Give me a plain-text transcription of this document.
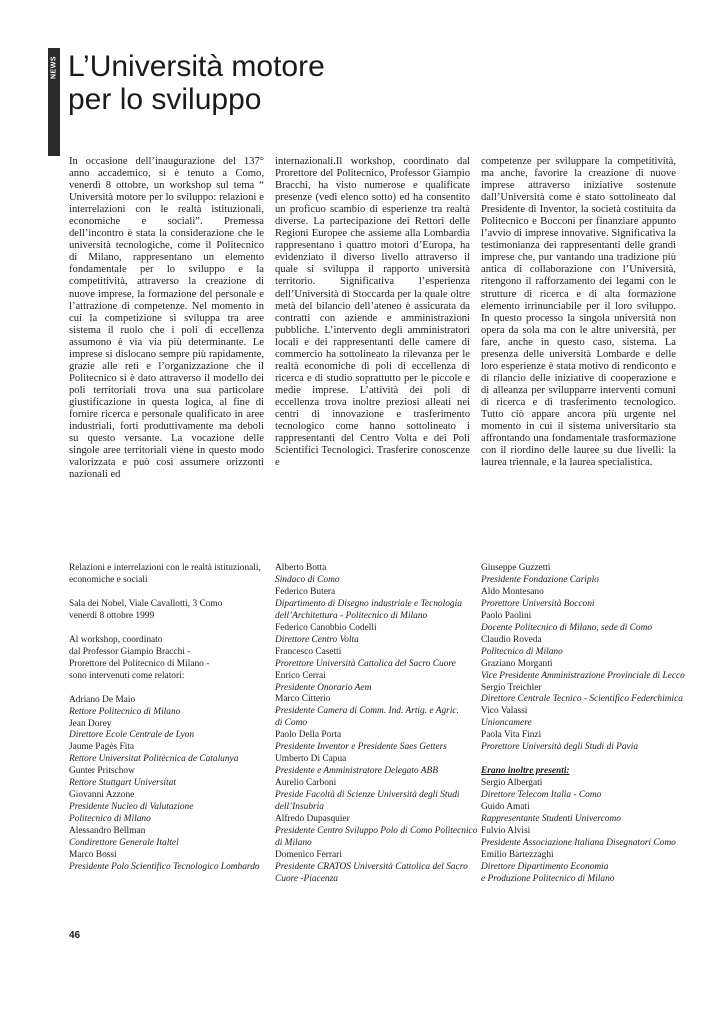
NEWS L’Università motore
per lo sviluppo

In occasione dell’inaugurazione del 137° anno accademico, si è tenuto a Como, venerdì 8 ottobre, un workshop sul tema “ Università motore per lo sviluppo: relazioni e interrelazioni con le realtà istituzionali, economiche e sociali”. Premessa dell’incontro è stata la considerazione che le università tecnologiche, come il Politecnico di Milano, rappresentano un elemento fondamentale per lo sviluppo e la competitività, attraverso la creazione di nuove imprese, la formazione del personale e l’attrazione di competenze. Nel momento in cui la competizione si sviluppa tra aree sistema il ruolo che i poli di eccellenza assumono è via via più determinante. Le imprese si dislocano sempre più rapidamente, grazie alle reti e l’organizzazione che il Politecnico si è dato attraverso il modello dei poli territoriali trova una sua particolare giustificazione in questa logica, al fine di fornire ricerca e personale qualificato in aree industriali, forti produttivamente ma deboli su questo versante. La vocazione delle singole aree territoriali viene in questo modo valorizzata e può così assumere orizzonti nazionali ed

internazionali.Il workshop, coordinato dal Prorettore del Politecnico, Professor Giampio Bracchi, ha visto numerose e qualificate presenze (vedi elenco sotto) ed ha consentito un proficuo scambio di esperienze tra realtà diverse. La partecipazione dei Rettori delle Regioni Europee che assieme alla Lombardia rappresentano i quattro motori d’Europa, ha evidenziato il diverso livello attraverso il quale si sviluppa il rapporto università territorio. Significativa l’esperienza dell’Università di Stoccarda per la quale oltre metà del bilancio dell’ateneo è assicurata da contratti con aziende e amministrazioni pubbliche. L’intervento degli amministratori locali e dei rappresentanti delle camere di commercio ha sottolineato la rilevanza per le realtà economiche di poli di eccellenza di ricerca e di studio soprattutto per le piccole e medie imprese. L’attività dei poli di eccellenza trova inoltre preziosi alleati nei centri di innovazione e trasferimento tecnologico come hanno sottolineato i rappresentanti del Centro Volta e dei Poli Scientifici Tecnologici. Trasferire conoscenze e

competenze per sviluppare la competitività, ma anche, favorire la creazione di nuove imprese attraverso iniziative sostenute dall’Università come è stato sottolineato dal Presidente di Inventor, la società costituita da Politecnico e Bocconi per finanziare appunto l’avvio di imprese innovative. Significativa la testimonianza dei rappresentanti delle grandi imprese che, pur vantando una tradizione più antica di collaborazione con l’Università, ritengono il rafforzamento dei legami con le strutture di ricerca e di alta formazione elemento irrinunciabile per il loro sviluppo. In questo processo la singola università non opera da sola ma con le altre università, per fare, anche in questo caso, sistema. La presenza delle università Lombarde e delle loro esperienze è stata motivo di rendiconto e di rilancio delle iniziative di cooperazione e di alleanza per svilupparre interventi comuni di ricerca e di trasferimento tecnologico. Tutto ciò appare ancora più urgente nel momento in cui il sistema universitario sta affrontando una fondamentale trasformazione con il riordino delle lauree su due livelli: la laurea triennale, e la laurea specialistica.

Relazioni e interrelazioni con le realtà istituzionali,
economiche e sociali
Sala dei Nobel, Viale Cavallotti, 3 Como
venerdì 8 ottobre 1999
Al workshop, coordinato
dal Professor Giampio Bracchi -
Prorettore del Politecnico di Milano -
sono intervenuti come relatori:
Adriano De Maio
Rettore Politecnico di Milano
Jean Dorey
Direttore Ecole Centrale de Lyon
Jaume Pagès Fita
Rettore Universitat Politècnica de Catalunya
Gunter Pritschow
Rettore Stuttgart Universitat
Giovanni Azzone
Presidente Nucleo di Valutazione
Politecnico di Milano
Alessandro Bellman
Condirettore Generale Italtel
Marco Bossi
Presidente Polo Scientifico Tecnologico Lombardo
Alberto Botta
Sindaco di Como
Federico Butera
Dipartimento di Disegno industriale e Tecnologia
dell’Architettura - Politecnico di Milano
Federico Canobbio Codelli
Direttore Centro Volta
Francesco Casetti
Prorettore Università Cattolica del Sacro Cuore
Enrico Cerrai
Presidente Onorario Aem
Marco Citterio
Presidente Camera di Comm. Ind. Artig. e Agric.
di Como
Paolo Della Porta
Presidente Inventor e Presidente Saes Getters
Umberto Di Capua
Presidente e Amministratore Delegato ABB
Aurelio Carboni
Preside Facoltà di Scienze Università degli Studi
dell’Insubria
Alfredo Dupasquier
Presidente Centro Sviluppo Polo di Como Politecnico
di Milano
Domenico Ferrari
Presidente CRATOS Università Cattolica del Sacro
Cuore -Piacenza
Giuseppe Guzzetti
Presidente Fondazione Cariplo
Aldo Montesano
Prorettore Università Bocconi
Paolo Paolini
Docente Politecnico di Milano, sede di Como
Claudio Roveda
Politecnico di Milano
Graziano Morganti
Vice Presidente Amministrazione Provinciale di Lecco
Sergio Treichler
Direttore Centrale Tecnico - Scientifico Federchimica
Vico Valassi
Unioncamere
Paola Vita Finzi
Prorettore Università degli Studi di Pavia
Erano inoltre presenti:
Sergio Albergati
Direttore Telecom Italia - Como
Guido Amati
Rappresentante Studenti Univercomo
Fulvio Alvisi
Presidente Associazione Italiana Disegnatori Como
Emilio Bartezzaghi
Direttore Dipartimento Economia
e Produzione Politecnico di Milano
46
